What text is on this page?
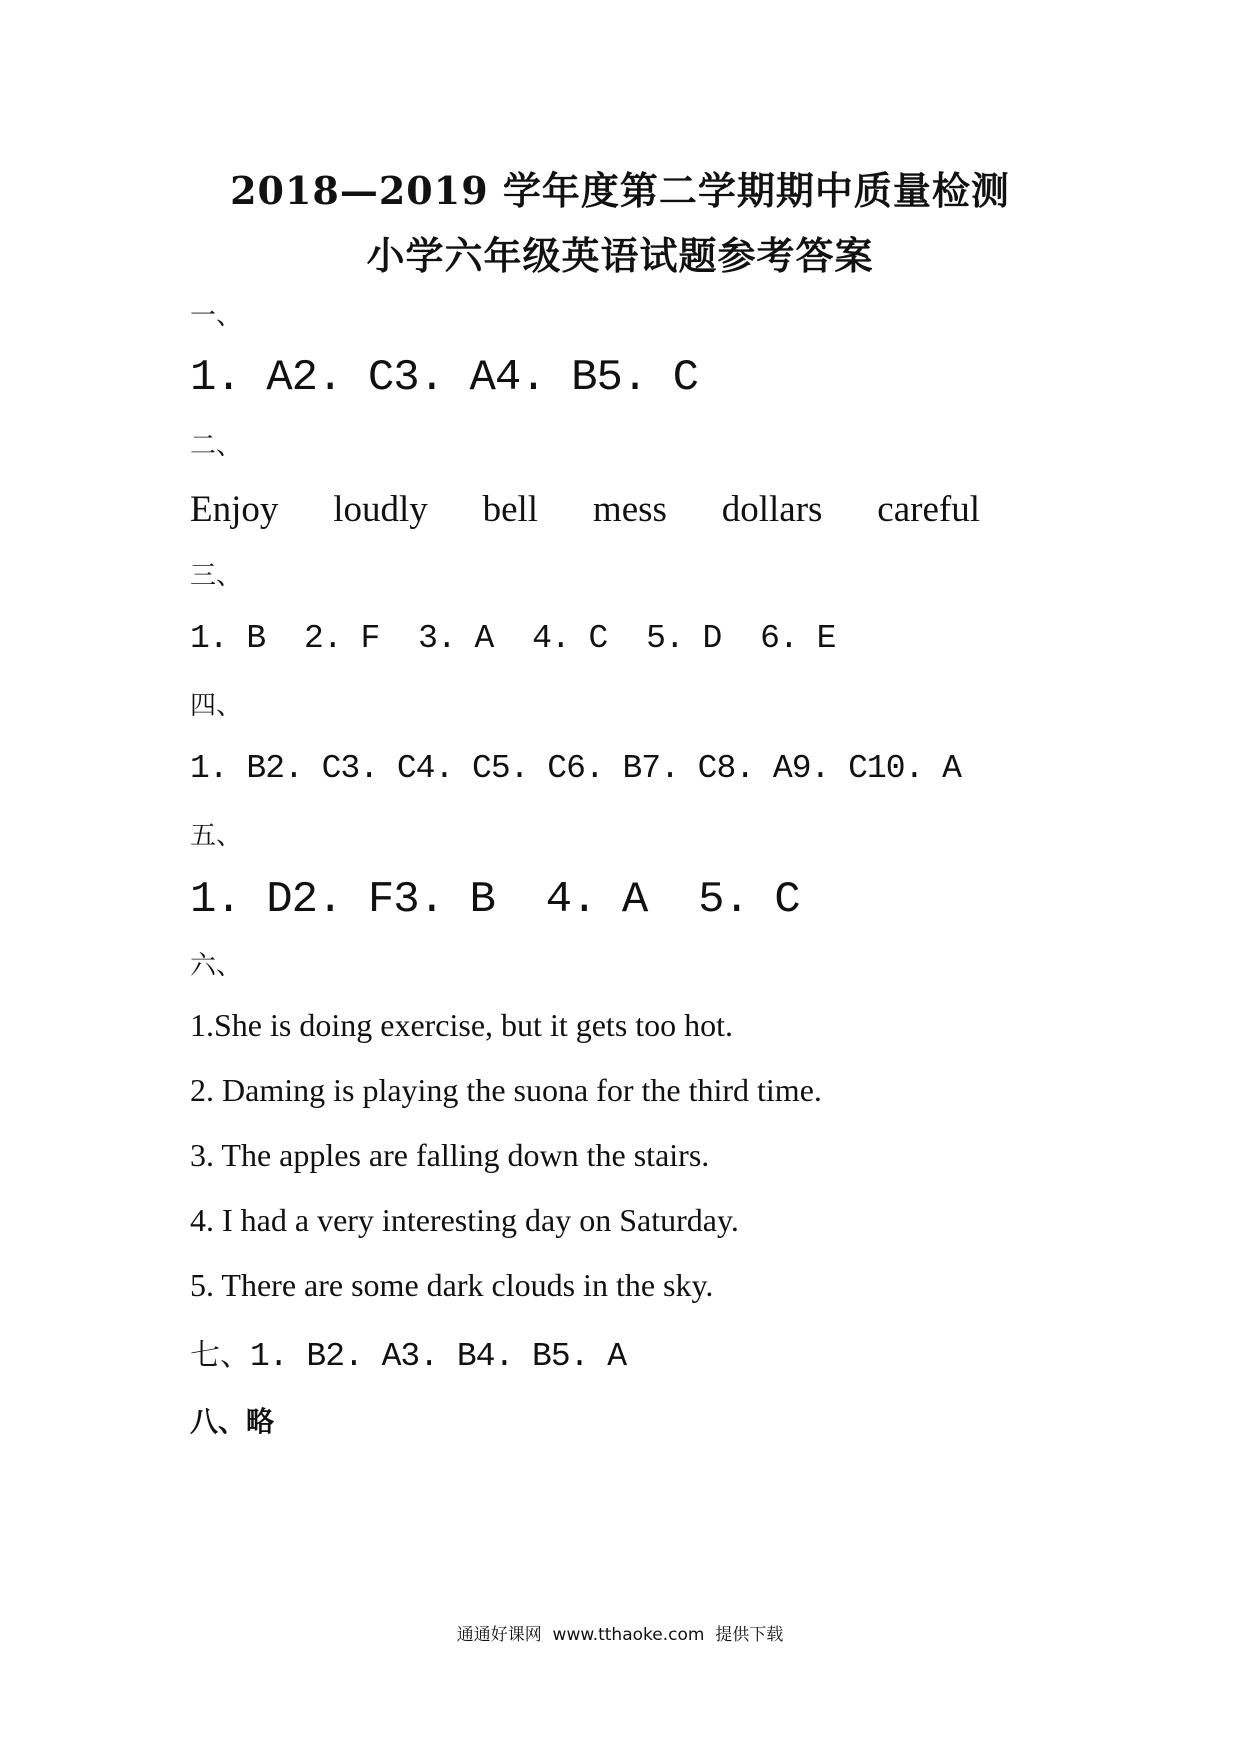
2018—2019 学年度第二学期期中质量检测
小学六年级英语试题参考答案
一、
1. A2. C3. A4. B5. C
二、
Enjoy loudly bell mess dollars careful
三、
1. B 2. F 3. A 4. C 5. D 6. E
四、
1. B2. C3. C4. C5. C6. B7. C8. A9. C10. A
五、
1. D2. F3. B  4. A  5. C
六、
1.She is doing exercise, but it gets too hot.
2. Daming is playing the suona for the third time.
3. The apples are falling down the stairs.
4. I had a very interesting day on Saturday.
5. There are some dark clouds in the sky.
七、1. B2. A3. B4. B5. A
八、略
通通好课网  www.tthaoke.com  提供下载
